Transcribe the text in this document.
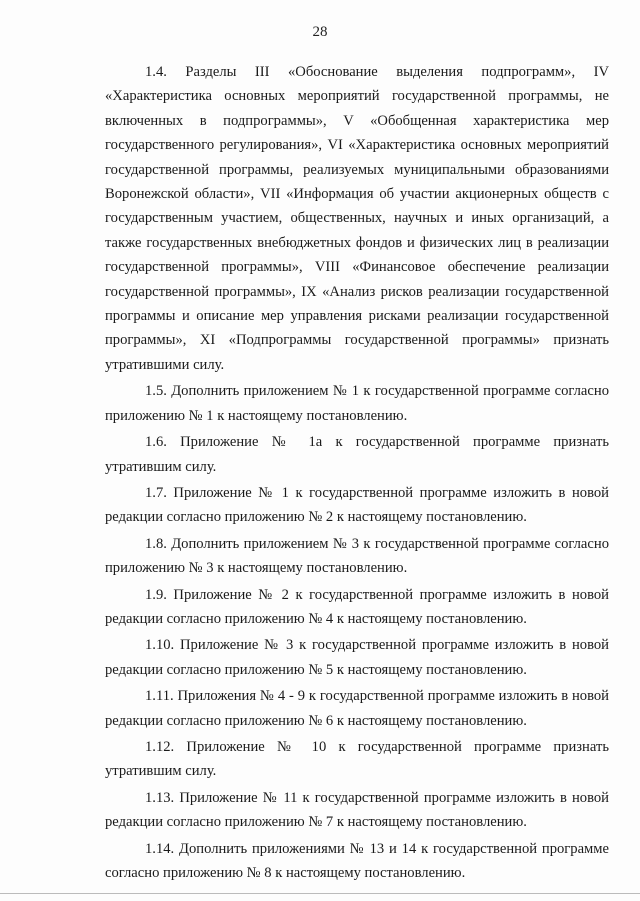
28

1.4. Разделы III «Обоснование выделения подпрограмм», IV «Характеристика основных мероприятий государственной программы, не включенных в подпрограммы», V «Обобщенная характеристика мер государственного регулирования», VI «Характеристика основных мероприятий государственной программы, реализуемых муниципальными образованиями Воронежской области», VII «Информация об участии акционерных обществ с государственным участием, общественных, научных и иных организаций, а также государственных внебюджетных фондов и физических лиц в реализации государственной программы», VIII «Финансовое обеспечение реализации государственной программы», IX «Анализ рисков реализации государственной программы и описание мер управления рисками реализации государственной программы», XI «Подпрограммы государственной программы» признать утратившими силу.

1.5. Дополнить приложением № 1 к государственной программе согласно приложению № 1 к настоящему постановлению.

1.6. Приложение № 1а к государственной программе признать утратившим силу.

1.7. Приложение № 1 к государственной программе изложить в новой редакции согласно приложению № 2 к настоящему постановлению.

1.8. Дополнить приложением № 3 к государственной программе согласно приложению № 3 к настоящему постановлению.

1.9. Приложение № 2 к государственной программе изложить в новой редакции согласно приложению № 4 к настоящему постановлению.

1.10. Приложение № 3 к государственной программе изложить в новой редакции согласно приложению № 5 к настоящему постановлению.

1.11. Приложения № 4 - 9 к государственной программе изложить в новой редакции согласно приложению № 6 к настоящему постановлению.

1.12. Приложение № 10 к государственной программе признать утратившим силу.

1.13. Приложение № 11 к государственной программе изложить в новой редакции согласно приложению № 7 к настоящему постановлению.

1.14. Дополнить приложениями № 13 и 14 к государственной программе согласно приложению № 8 к настоящему постановлению.
